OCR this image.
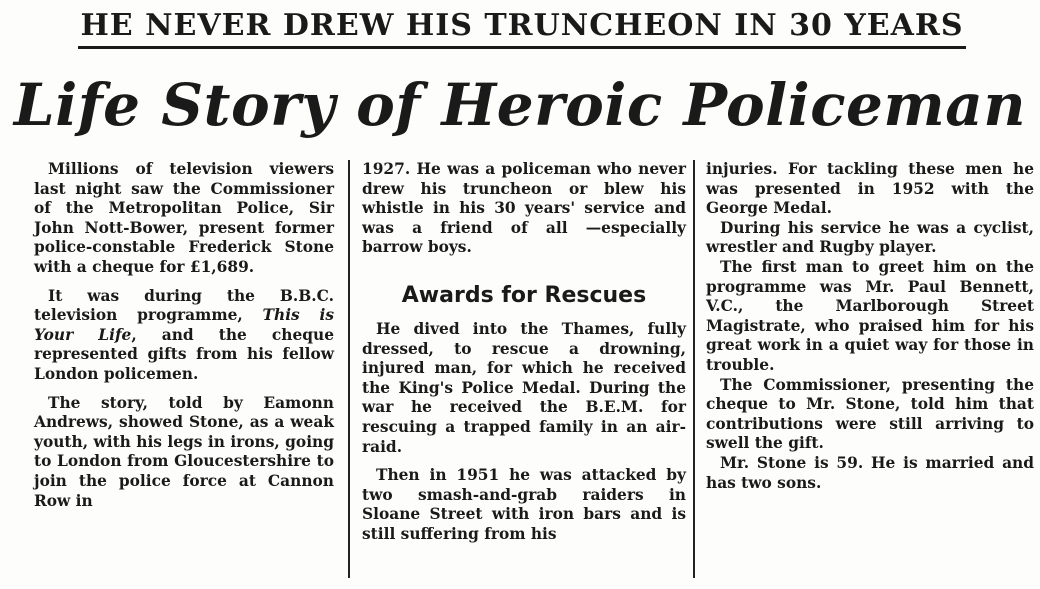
HE NEVER DREW HIS TRUNCHEON IN 30 YEARS
Life Story of Heroic Policeman

Millions of television viewers last night saw the Commissioner of the Metropolitan Police, Sir John Nott-Bower, present former police-constable Frederick Stone with a cheque for £1,689.

It was during the B.B.C. television programme, This is Your Life, and the cheque represented gifts from his fellow London policemen.

The story, told by Eamonn Andrews, showed Stone, as a weak youth, with his legs in irons, going to London from Gloucestershire to join the police force at Cannon Row in

1927. He was a policeman who never drew his truncheon or blew his whistle in his 30 years' service and was a friend of all —especially barrow boys.

Awards for Rescues

He dived into the Thames, fully dressed, to rescue a drowning, injured man, for which he received the King's Police Medal. During the war he received the B.E.M. for rescuing a trapped family in an air-raid.

Then in 1951 he was attacked by two smash-and-grab raiders in Sloane Street with iron bars and is still suffering from his

injuries. For tackling these men he was presented in 1952 with the George Medal.

During his service he was a cyclist, wrestler and Rugby player.

The first man to greet him on the programme was Mr. Paul Bennett, V.C., the Marlborough Street Magistrate, who praised him for his great work in a quiet way for those in trouble.

The Commissioner, presenting the cheque to Mr. Stone, told him that contributions were still arriving to swell the gift.

Mr. Stone is 59. He is married and has two sons.
